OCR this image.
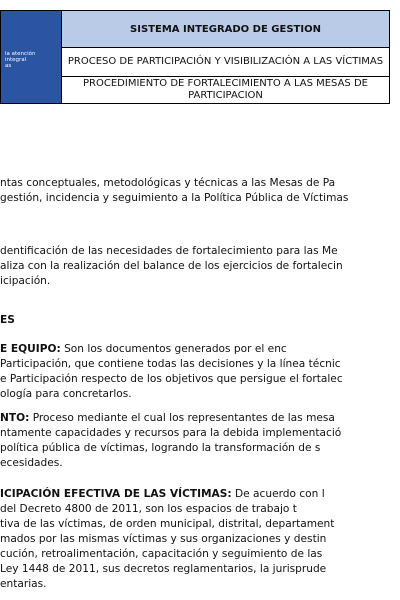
la atención
integral
as
	SISTEMA INTEGRADO DE GESTION
PROCESO DE PARTICIPACIÓN Y VISIBILIZACIÓN A LAS VÍCTIMAS
PROCEDIMIENTO DE FORTALECIMIENTO A LAS MESAS DE PARTICIPACION
ntas conceptuales, metodológicas y técnicas a las Mesas de Pa
gestión, incidencia y seguimiento a la Política Pública de Víctimas
dentificación de las necesidades de fortalecimiento para las Me
aliza con la realización del balance de los ejercicios de fortalecin
icipación.
ES
E EQUIPO: Son los documentos generados por el enc
Participación, que contiene todas las decisiones y la línea técnic
e Participación respecto de los objetivos que persigue el fortalec
ología para concretarlos.
NTO: Proceso mediante el cual los representantes de las mesa
ntamente capacidades y recursos para la debida implementació
política pública de víctimas, logrando la transformación de s
ecesidades.
ICIPACIÓN EFECTIVA DE LAS VÍCTIMAS: De acuerdo con l
del Decreto 4800 de 2011, son los espacios de trabajo t
tiva de las víctimas, de orden municipal, distrital, departament
mados por las mismas víctimas y sus organizaciones y destin
cución, retroalimentación, capacitación y seguimiento de las
Ley 1448 de 2011, sus decretos reglamentarios, la jurisprude
entarias.
